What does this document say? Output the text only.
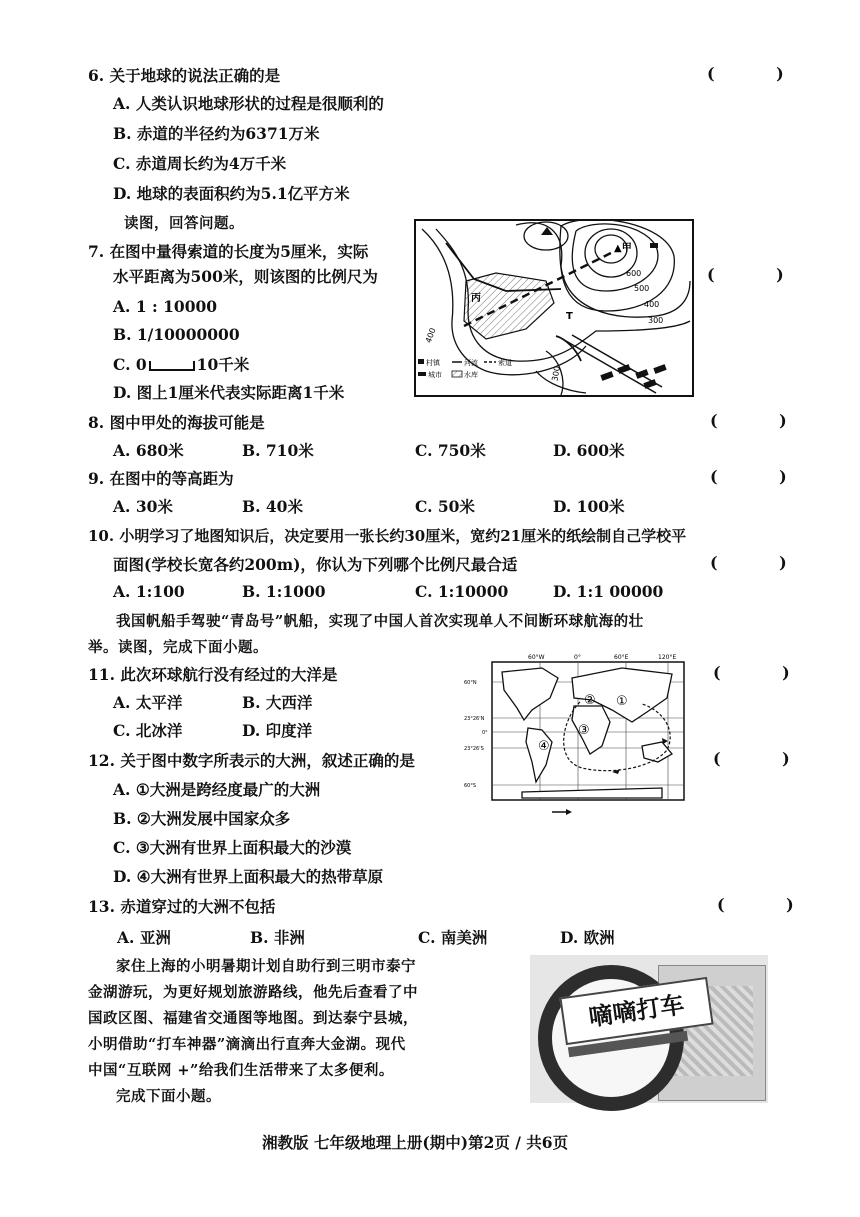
6. 关于地球的说法正确的是	( )
A. 人类认识地球形状的过程是很顺利的
B. 赤道的半径约为6371万米
C. 赤道周长约为4万千米
D. 地球的表面积约为5.1亿平方米
读图，回答问题。
7. 在图中量得索道的长度为5厘米，实际
水平距离为500米，则该图的比例尺为	( )
A. 1 : 10000
B. 1/10000000
C. 0	10千米
D. 图上1厘米代表实际距离1千米
▲甲
丙
600
500
400
300
400
300
T
村镇	河流	索道
城市	水库
8. 图中甲处的海拔可能是	( )
A. 680米	B. 710米	C. 750米	D. 600米
9. 在图中的等高距为	( )
A. 30米	B. 40米	C. 50米	D. 100米
10. 小明学习了地图知识后，决定要用一张长约30厘米，宽约21厘米的纸绘制自己学校平
面图(学校长宽各约200m)，你认为下列哪个比例尺最合适	( )
A. 1:100	B. 1:1000	C. 1:10000	D. 1:1 00000
我国帆船手驾驶“青岛号”帆船，实现了中国人首次实现单人不间断环球航海的壮
举。读图，完成下面小题。
11. 此次环球航行没有经过的大洋是	( )
A. 太平洋	B. 大西洋
C. 北冰洋	D. 印度洋
12. 关于图中数字所表示的大洲，叙述正确的是	( )
A. ①大洲是跨经度最广的大洲
B. ②大洲发展中国家众多
C. ③大洲有世界上面积最大的沙漠
D. ④大洲有世界上面积最大的热带草原
①
②
③
④
60°W	0°	60°E	120°E
60°N
23°26'N
0°
23°26'S
60°S
13. 赤道穿过的大洲不包括	( )
A. 亚洲	B. 非洲	C. 南美洲	D. 欧洲
家住上海的小明暑期计划自助行到三明市泰宁
金湖游玩，为更好规划旅游路线，他先后查看了中
国政区图、福建省交通图等地图。到达泰宁县城，
小明借助“打车神器”滴滴出行直奔大金湖。现代
中国“互联网 +”给我们生活带来了太多便利。
完成下面小题。
嘀嘀打车
湘教版 七年级地理上册(期中)第2页 / 共6页
